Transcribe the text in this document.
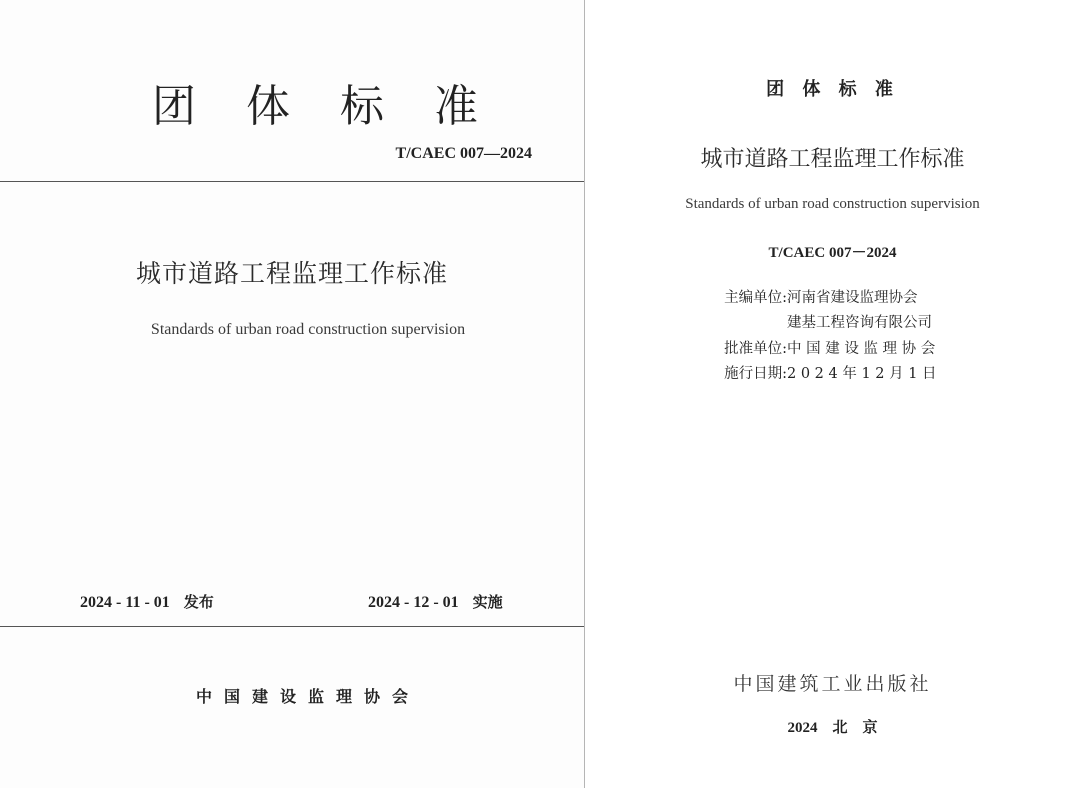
团 体 标 准
T/CAEC 007—2024
城市道路工程监理工作标准
Standards of urban road construction supervision
2024 - 11 - 01 发布	2024 - 12 - 01 实施
中国建设监理协会
团 体 标 准
城市道路工程监理工作标准
Standards of urban road construction supervision
T/CAEC 007－2024
主编单位:河南省建设监理协会
建基工程咨询有限公司
批准单位:中 国 建 设 监 理 协 会
施行日期:2 0 2 4 年 1 2 月 1 日
中国建筑工业出版社
2024　北　京
